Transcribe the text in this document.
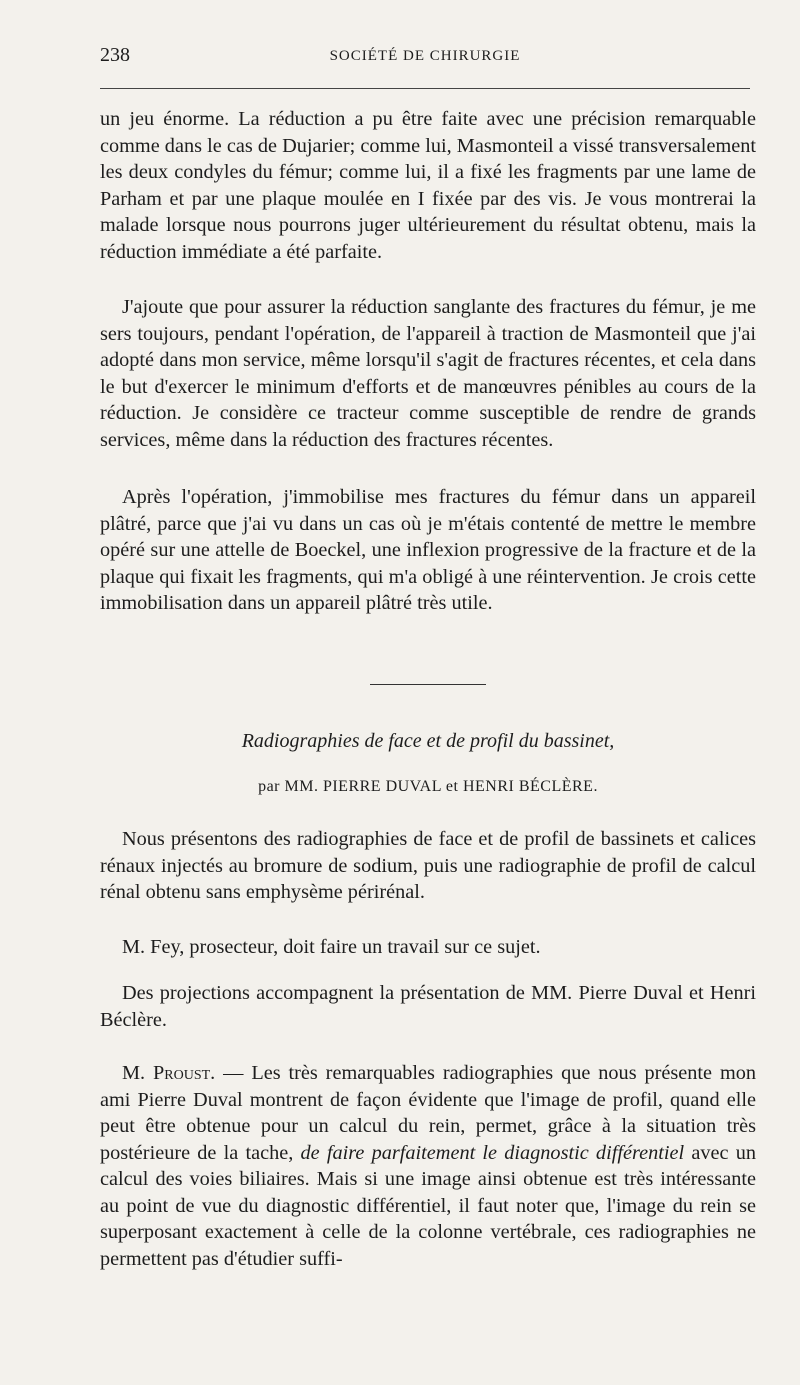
238	SOCIÉTÉ DE CHIRURGIE

un jeu énorme. La réduction a pu être faite avec une précision remarquable comme dans le cas de Dujarier; comme lui, Masmonteil a vissé transversalement les deux condyles du fémur; comme lui, il a fixé les fragments par une lame de Parham et par une plaque moulée en I fixée par des vis. Je vous montrerai la malade lorsque nous pourrons juger ultérieurement du résultat obtenu, mais la réduction immédiate a été parfaite.

J'ajoute que pour assurer la réduction sanglante des fractures du fémur, je me sers toujours, pendant l'opération, de l'appareil à traction de Masmonteil que j'ai adopté dans mon service, même lorsqu'il s'agit de fractures récentes, et cela dans le but d'exercer le minimum d'efforts et de manœuvres pénibles au cours de la réduction. Je considère ce tracteur comme susceptible de rendre de grands services, même dans la réduction des fractures récentes.

Après l'opération, j'immobilise mes fractures du fémur dans un appareil plâtré, parce que j'ai vu dans un cas où je m'étais contenté de mettre le membre opéré sur une attelle de Boeckel, une inflexion progressive de la fracture et de la plaque qui fixait les fragments, qui m'a obligé à une réintervention. Je crois cette immobilisation dans un appareil plâtré très utile.

Radiographies de face et de profil du bassinet,
par MM. PIERRE DUVAL et HENRI BÉCLÈRE.

Nous présentons des radiographies de face et de profil de bassinets et calices rénaux injectés au bromure de sodium, puis une radiographie de profil de calcul rénal obtenu sans emphysème périrénal.

M. Fey, prosecteur, doit faire un travail sur ce sujet.

Des projections accompagnent la présentation de MM. Pierre Duval et Henri Béclère.

M. Proust. — Les très remarquables radiographies que nous présente mon ami Pierre Duval montrent de façon évidente que l'image de profil, quand elle peut être obtenue pour un calcul du rein, permet, grâce à la situation très postérieure de la tache, de faire parfaitement le diagnostic différentiel avec un calcul des voies biliaires. Mais si une image ainsi obtenue est très intéressante au point de vue du diagnostic différentiel, il faut noter que, l'image du rein se superposant exactement à celle de la colonne vertébrale, ces radiographies ne permettent pas d'étudier suffi-
